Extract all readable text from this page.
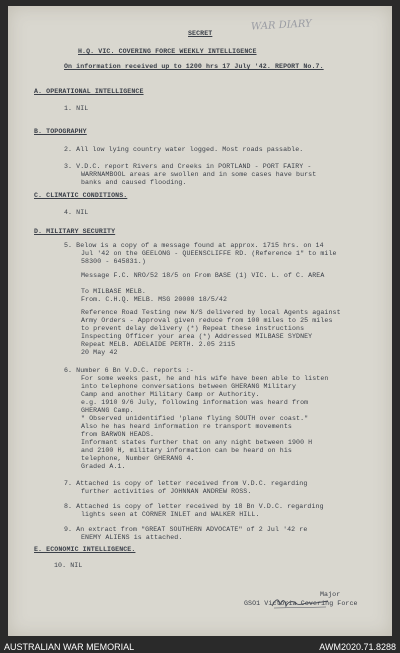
WAR DIARY
SECRET
H.Q. VIC. COVERING FORCE WEEKLY INTELLIGENCE
On information received up to 1200 hrs 17 July '42. REPORT No.7.
A. OPERATIONAL INTELLIGENCE
1. NIL
B. TOPOGRAPHY
2. All low lying country water logged. Most roads passable.
3. V.D.C. report Rivers and Creeks in PORTLAND - PORT FAIRY -
WARRNAMBOOL areas are swollen and in some cases have burst
banks and caused flooding.
C. CLIMATIC CONDITIONS.
4. NIL
D. MILITARY SECURITY
5. Below is a copy of a message found at approx. 1715 hrs. on 14
Jul '42 on the GEELONG - QUEENSCLIFFE RD. (Reference 1" to mile
58300 - 645831.)
Message F.C. NRO/52 18/5 on From BASE (1) VIC. L. of C. AREA
To MILBASE MELB.
From. C.H.Q. MELB. MSG 20000 18/5/42
Reference Road Testing new N/S delivered by local Agents against
Army Orders - Approval given reduce from 100 miles to 25 miles
to prevent delay delivery (*) Repeat these instructions
Inspecting Officer your area (*) Addressed MILBASE SYDNEY
Repeat MELB. ADELAIDE PERTH. 2.05 2115
20 May 42
6. Number 6 Bn V.D.C. reports :-
For some weeks past, he and his wife have been able to listen
into telephone conversations between GHERANG Military
Camp and another Military Camp or Authority.
e.g. 1910 9/6 July, following information was heard from
GHERANG Camp.
" Observed unidentified 'plane flying SOUTH over coast."
Also he has heard information re transport movements
from BARWON HEADS.
Informant states further that on any night between 1900 H
and 2100 H, military information can be heard on his
telephone, Number GHERANG 4.
Graded A.1.
7. Attached is copy of letter received from V.D.C. regarding
further activities of JOHNNAN ANDREW ROSS.
8. Attached is copy of letter received by 18 Bn V.D.C. regarding
lights seen at CORNER INLET and WALKER HILL.
9. An extract from "GREAT SOUTHERN ADVOCATE" of 2 Jul '42 re
ENEMY ALIENS is attached.
E. ECONOMIC INTELLIGENCE.
10. NIL
Major
GSO1 Victoria Covering Force
AUSTRALIAN WAR MEMORIAL	AWM2020.71.8288
